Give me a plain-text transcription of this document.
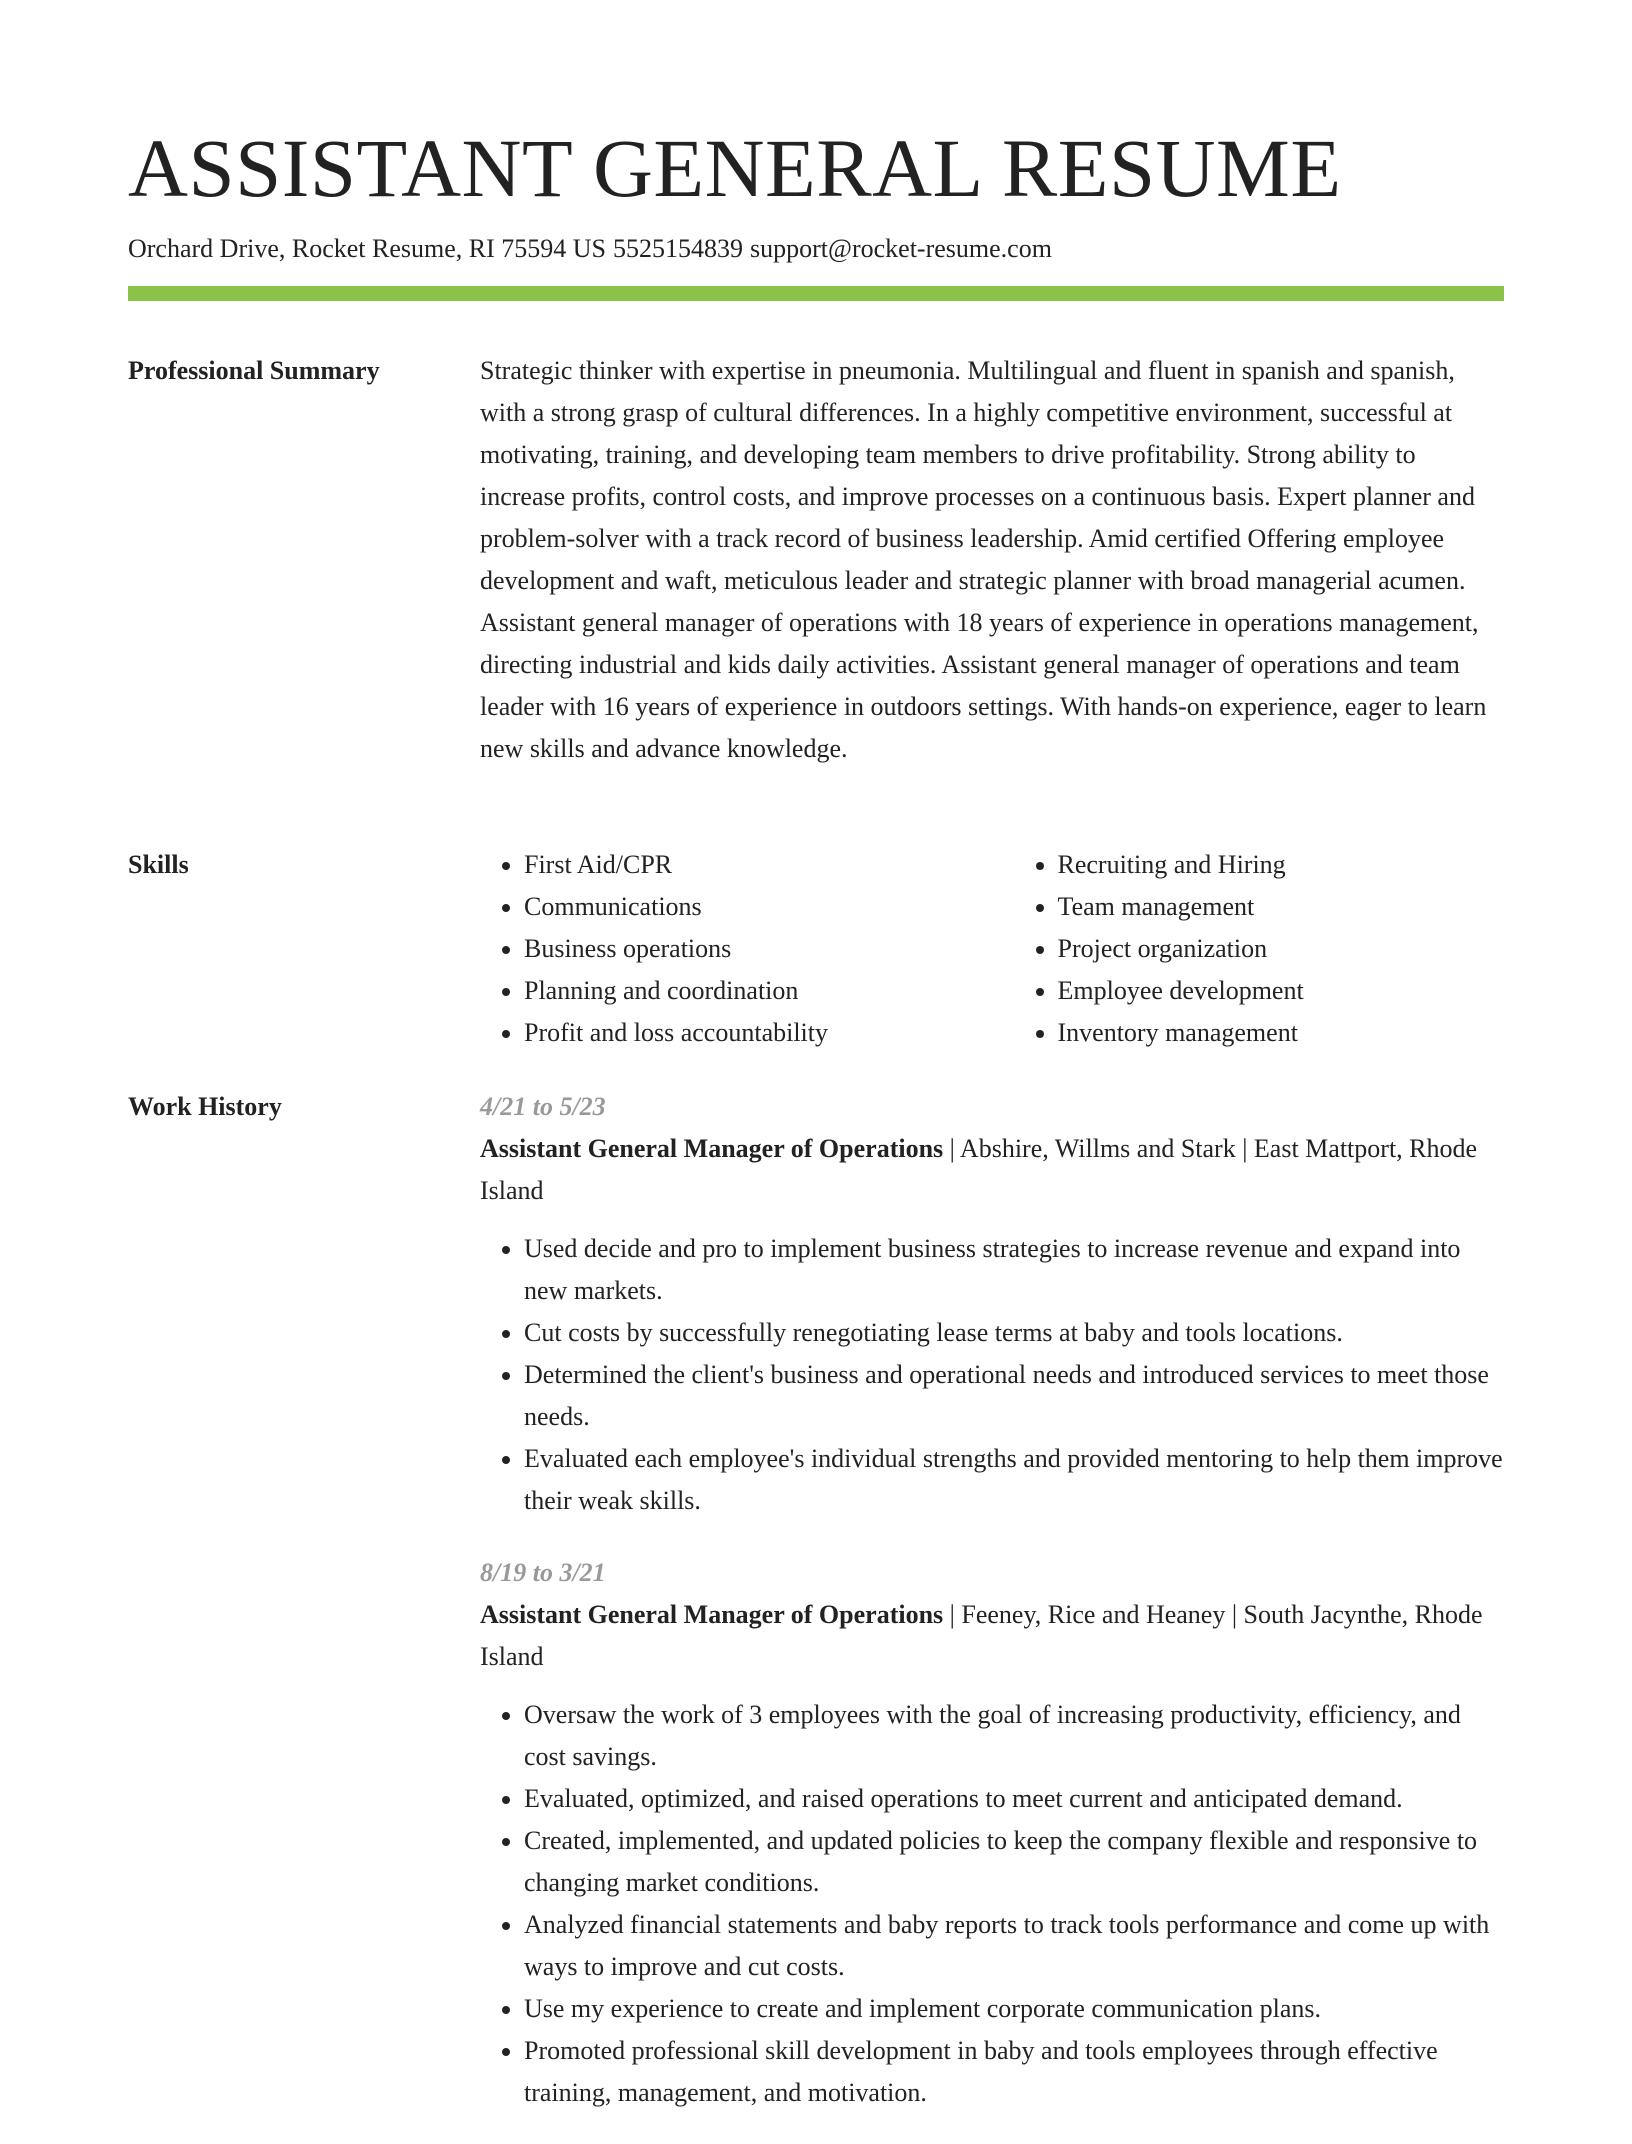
ASSISTANT GENERAL RESUME
Orchard Drive, Rocket Resume, RI 75594 US 5525154839 support@rocket-resume.com
Professional Summary	Strategic thinker with expertise in pneumonia. Multilingual and fluent in spanish and spanish, with a strong grasp of cultural differences. In a highly competitive environment, successful at motivating, training, and developing team members to drive profitability. Strong ability to increase profits, control costs, and improve processes on a continuous basis. Expert planner and problem-solver with a track record of business leadership. Amid certified Offering employee development and waft, meticulous leader and strategic planner with broad managerial acumen. Assistant general manager of operations with 18 years of experience in operations management, directing industrial and kids daily activities. Assistant general manager of operations and team leader with 16 years of experience in outdoors settings. With hands-on experience, eager to learn new skills and advance knowledge.

Skills
•	First Aid/CPR
• Communications
• Business operations
• Planning and coordination
• Profit and loss accountability
• Recruiting and Hiring
• Team management
• Project organization
• Employee development
• Inventory management
Work History	4/21 to 5/23
Assistant General Manager of Operations | Abshire, Willms and Stark | East Mattport, Rhode Island
• Used decide and pro to implement business strategies to increase revenue and expand into new markets.
• Cut costs by successfully renegotiating lease terms at baby and tools locations.
• Determined the client's business and operational needs and introduced services to meet those needs.
• Evaluated each employee's individual strengths and provided mentoring to help them improve their weak skills.
8/19 to 3/21
Assistant General Manager of Operations | Feeney, Rice and Heaney | South Jacynthe, Rhode Island
• Oversaw the work of 3 employees with the goal of increasing productivity, efficiency, and cost savings.
• Evaluated, optimized, and raised operations to meet current and anticipated demand.
• Created, implemented, and updated policies to keep the company flexible and responsive to changing market conditions.
• Analyzed financial statements and baby reports to track tools performance and come up with ways to improve and cut costs.
• Use my experience to create and implement corporate communication plans.
• Promoted professional skill development in baby and tools employees through effective training, management, and motivation.
